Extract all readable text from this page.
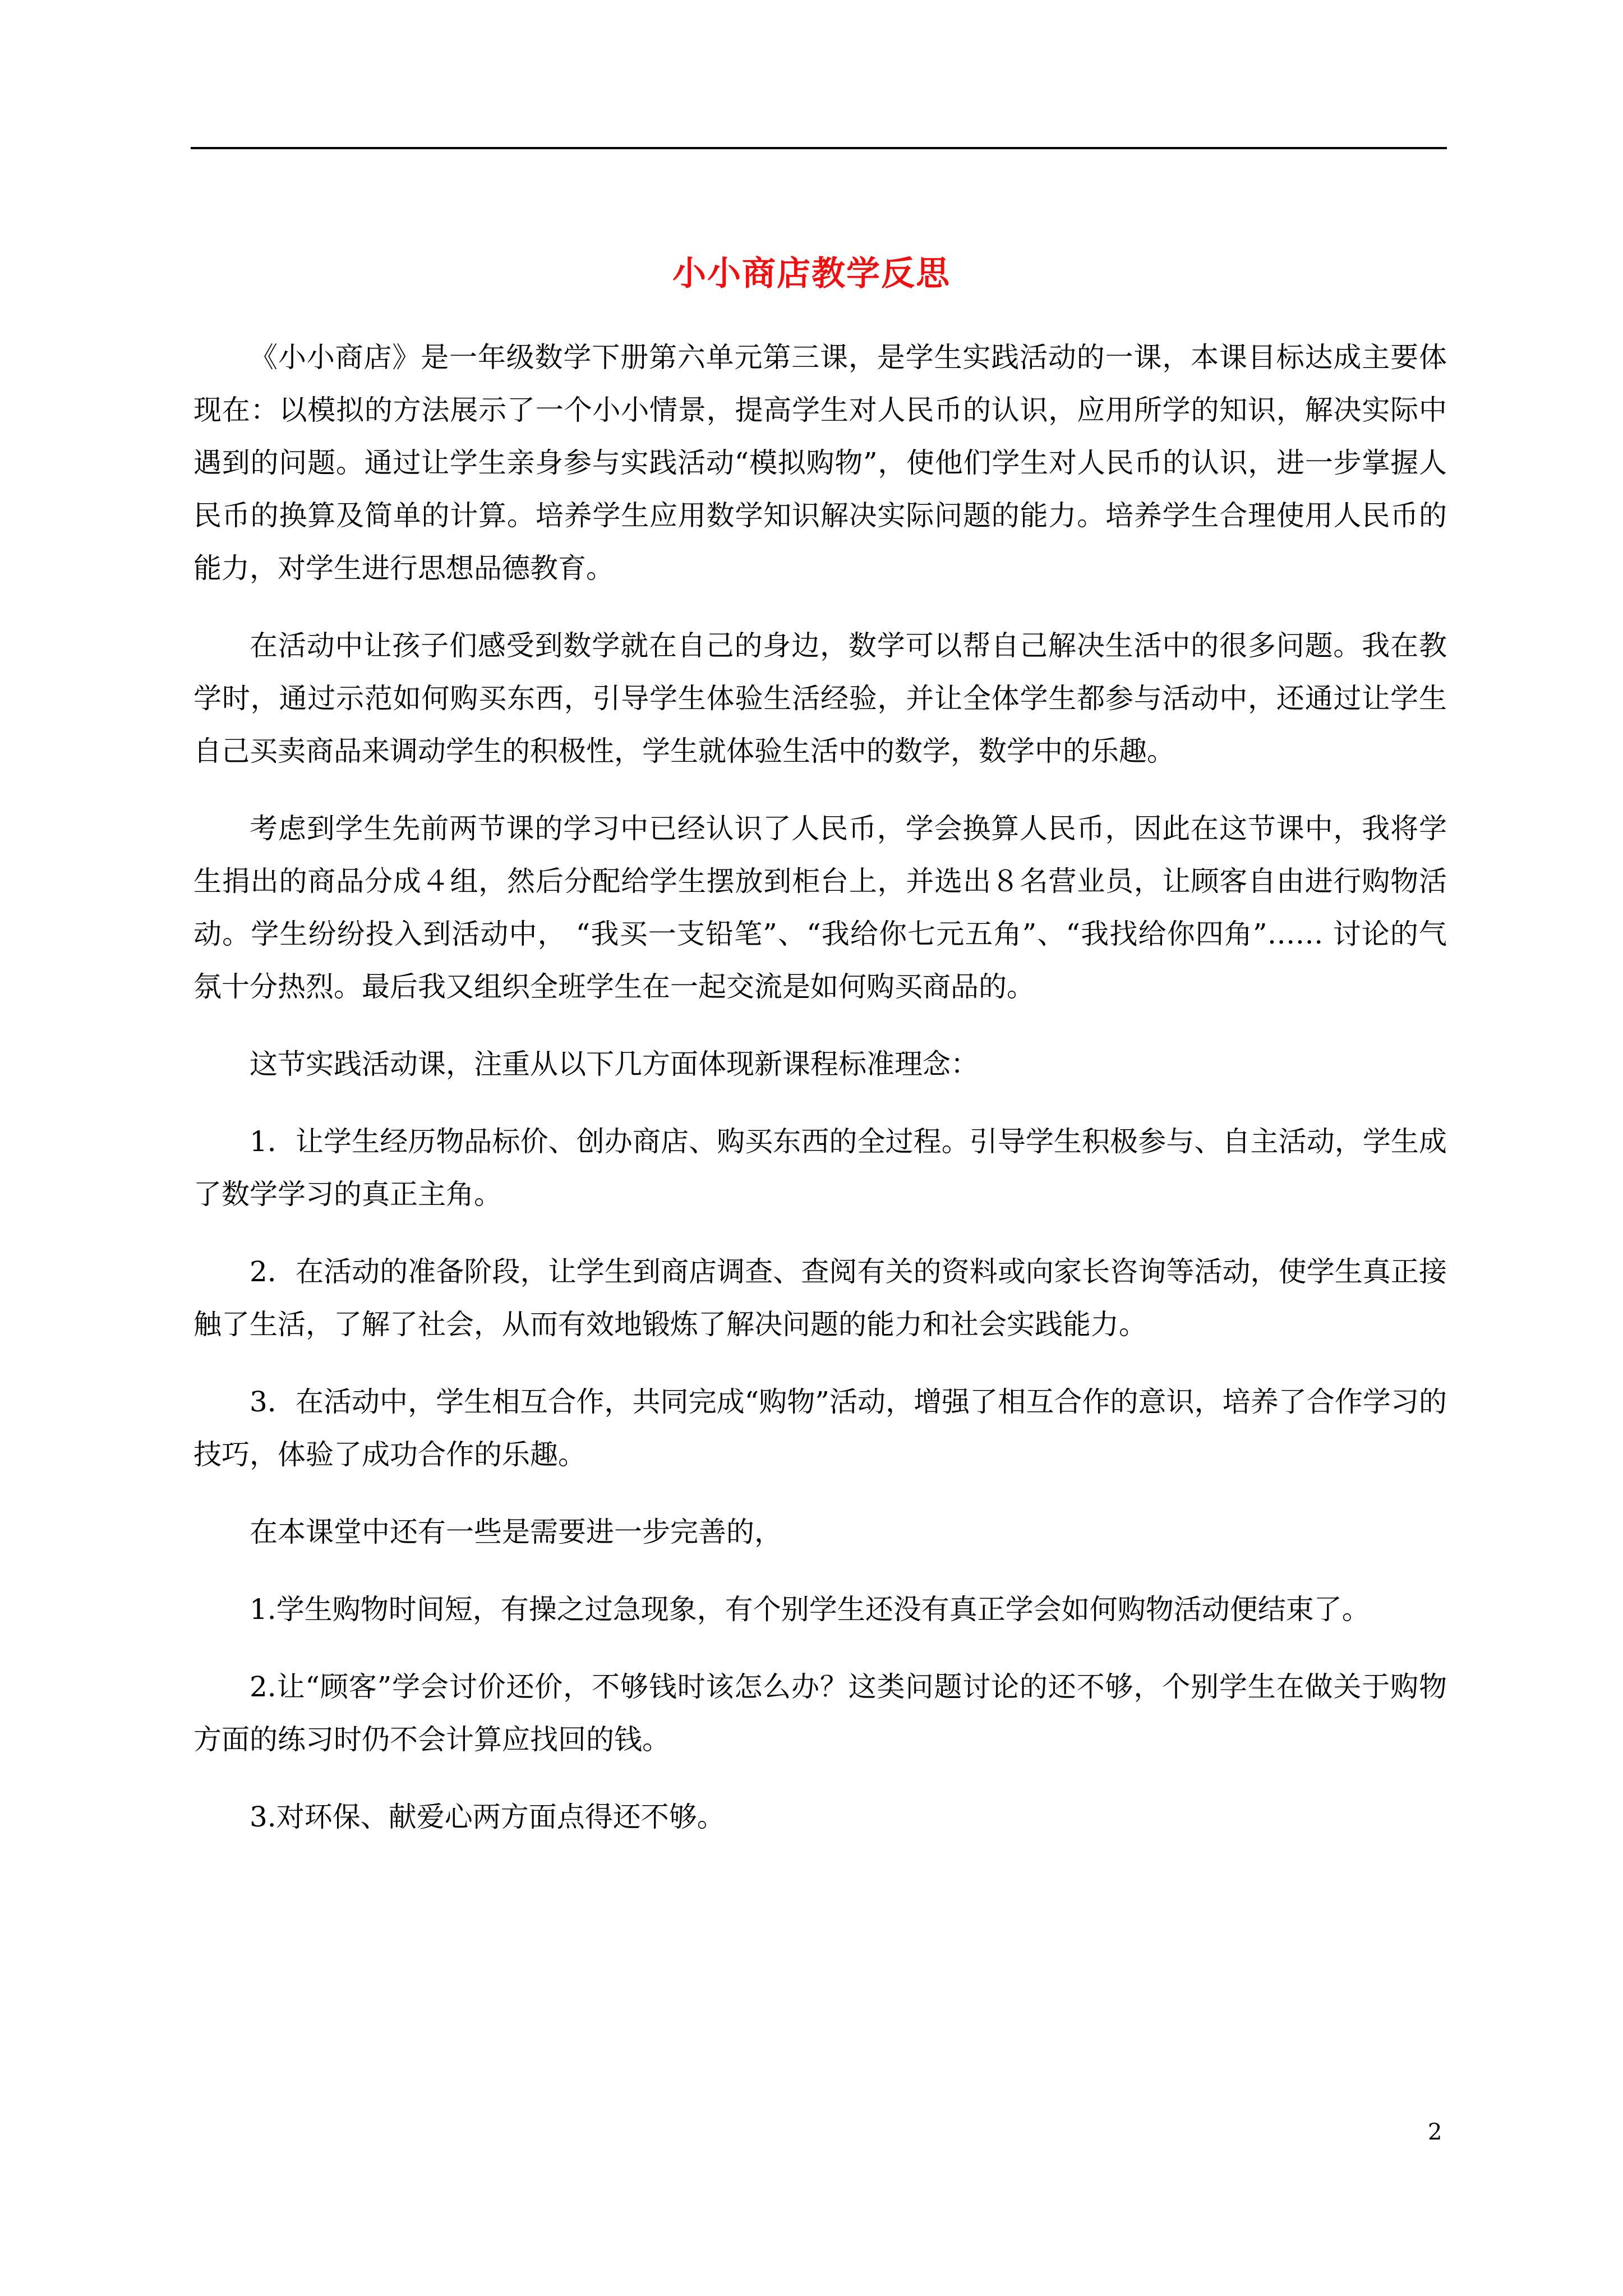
小小商店教学反思

《小小商店》是一年级数学下册第六单元第三课，是学生实践活动的一课，本课目标达成主要体现在：以模拟的方法展示了一个小小情景，提高学生对人民币的认识，应用所学的知识，解决实际中遇到的问题。通过让学生亲身参与实践活动“模拟购物”，使他们学生对人民币的认识，进一步掌握人民币的换算及简单的计算。培养学生应用数学知识解决实际问题的能力。培养学生合理使用人民币的能力，对学生进行思想品德教育。

在活动中让孩子们感受到数学就在自己的身边，数学可以帮自己解决生活中的很多问题。我在教学时，通过示范如何购买东西，引导学生体验生活经验，并让全体学生都参与活动中，还通过让学生自己买卖商品来调动学生的积极性，学生就体验生活中的数学，数学中的乐趣。

考虑到学生先前两节课的学习中已经认识了人民币，学会换算人民币，因此在这节课中，我将学生捐出的商品分成４组，然后分配给学生摆放到柜台上，并选出８名营业员，让顾客自由进行购物活动。学生纷纷投入到活动中， “我买一支铅笔”、“我给你七元五角”、“我找给你四角”…… 讨论的气氛十分热烈。最后我又组织全班学生在一起交流是如何购买商品的。

这节实践活动课，注重从以下几方面体现新课程标准理念：

1．让学生经历物品标价、创办商店、购买东西的全过程。引导学生积极参与、自主活动，学生成了数学学习的真正主角。

2．在活动的准备阶段，让学生到商店调查、查阅有关的资料或向家长咨询等活动，使学生真正接触了生活，了解了社会，从而有效地锻炼了解决问题的能力和社会实践能力。

3．在活动中，学生相互合作，共同完成“购物”活动，增强了相互合作的意识，培养了合作学习的技巧，体验了成功合作的乐趣。

在本课堂中还有一些是需要进一步完善的，

1.学生购物时间短，有操之过急现象，有个别学生还没有真正学会如何购物活动便结束了。

2.让“顾客”学会讨价还价，不够钱时该怎么办？这类问题讨论的还不够，个别学生在做关于购物方面的练习时仍不会计算应找回的钱。

3.对环保、献爱心两方面点得还不够。

2
